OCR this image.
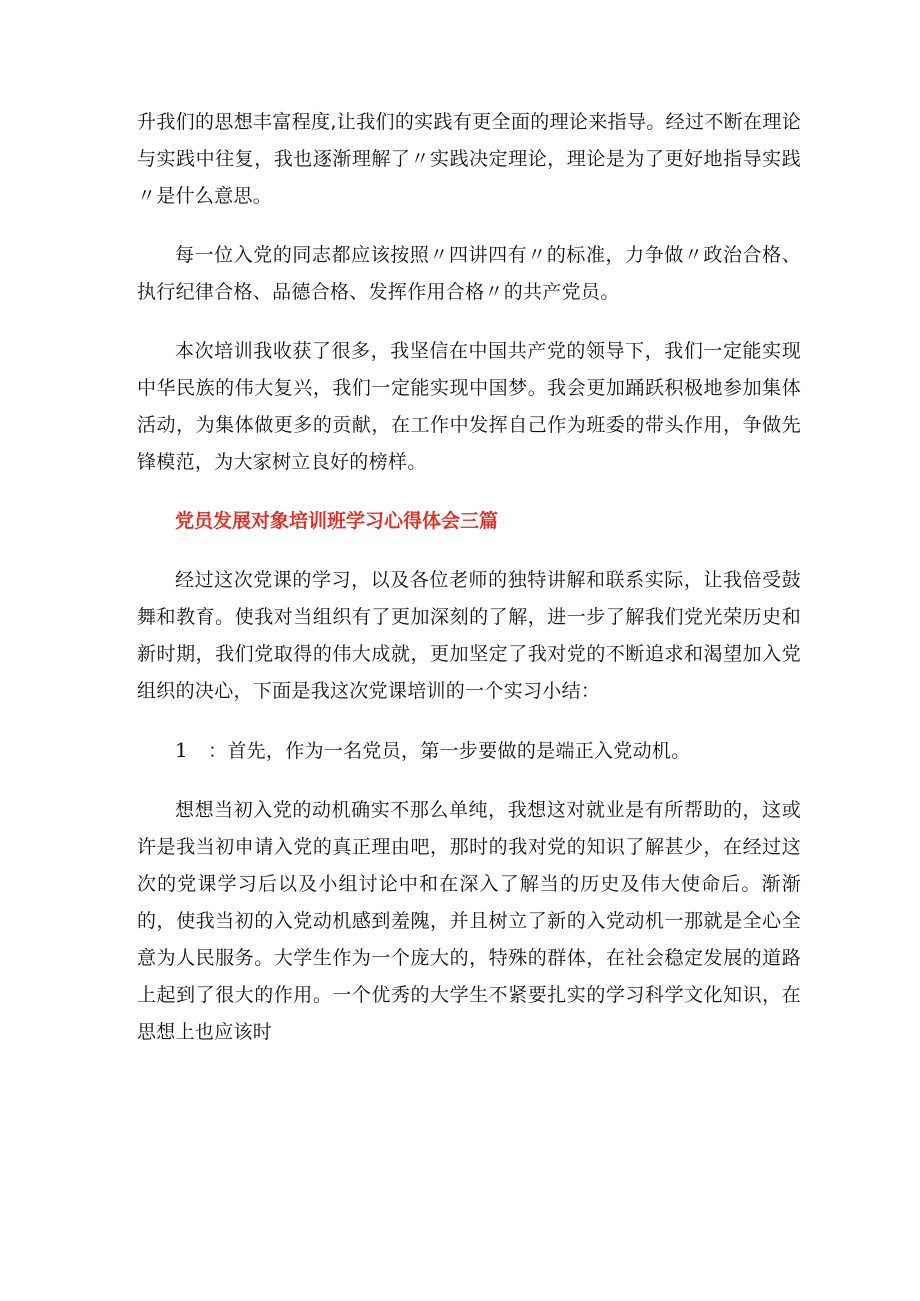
升我们的思想丰富程度,让我们的实践有更全面的理论来指导。经过不断在理论与实践中往复，我也逐渐理解了〃实践决定理论，理论是为了更好地指导实践〃是什么意思。

每一位入党的同志都应该按照〃四讲四有〃的标准，力争做〃政治合格、执行纪律合格、品德合格、发挥作用合格〃的共产党员。

本次培训我收获了很多，我坚信在中国共产党的领导下，我们一定能实现中华民族的伟大复兴，我们一定能实现中国梦。我会更加踊跃积极地参加集体活动，为集体做更多的贡献，在工作中发挥自己作为班委的带头作用，争做先锋模范，为大家树立良好的榜样。

党员发展对象培训班学习心得体会三篇

经过这次党课的学习，以及各位老师的独特讲解和联系实际，让我倍受鼓舞和教育。使我对当组织有了更加深刻的了解，进一步了解我们党光荣历史和新时期，我们党取得的伟大成就，更加坚定了我对党的不断追求和渴望加入党组织的决心，下面是我这次党课培训的一个实习小结：

1 ：首先，作为一名党员，第一步要做的是端正入党动机。

想想当初入党的动机确实不那么单纯，我想这对就业是有所帮助的，这或许是我当初申请入党的真正理由吧，那时的我对党的知识了解甚少，在经过这次的党课学习后以及小组讨论中和在深入了解当的历史及伟大使命后。渐渐的，使我当初的入党动机感到羞隗，并且树立了新的入党动机一那就是全心全意为人民服务。大学生作为一个庞大的，特殊的群体，在社会稳定发展的道路上起到了很大的作用。一个优秀的大学生不紧要扎实的学习科学文化知识，在思想上也应该时
